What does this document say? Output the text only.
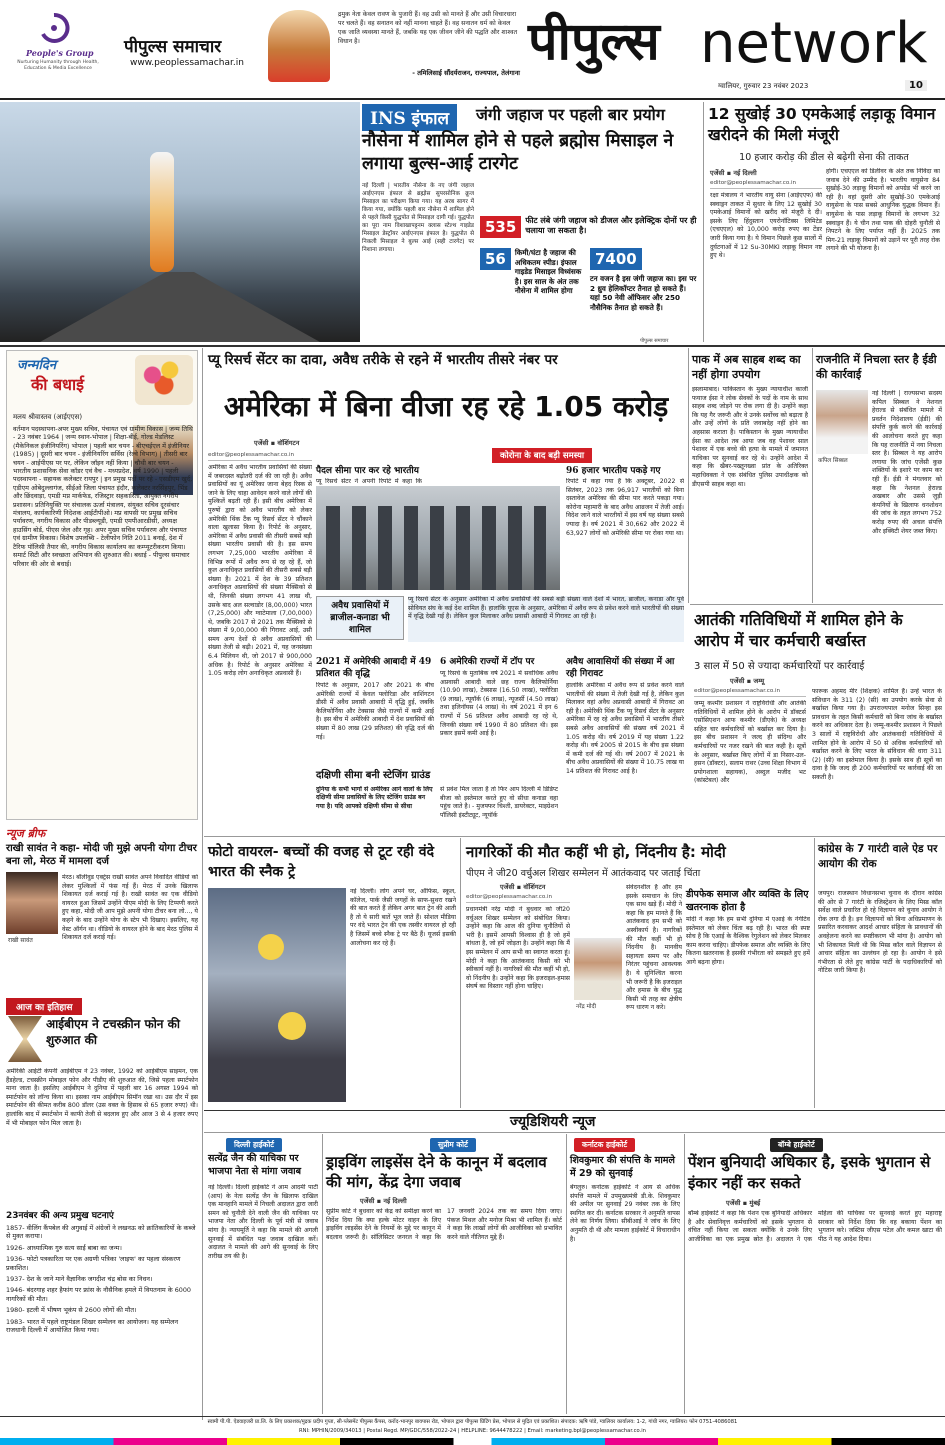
People's Group
Nurturing Humanity through Health, Education & Media Excellence
पीपुल्स समाचार
www.peoplessamachar.in
द्रमुक नेता केवल रावण के पुजारी हैं। वह उसी को मानते हैं और उसी विचारधारा पर चलते हैं। वह सनातन को नहीं मानना चाहते हैं। वह सनातन धर्म को केवल एक जाति व्यवस्था मानते हैं, जबकि यह एक जीवन जीने की पद्धति और शाश्वत विधान है।
- तमिलिसाई सौंदर्यराजन, राज्यपाल, तेलंगाना
पीपुल्स network
ग्वालियर, गुरुवार 23 नवंबर 2023	10
INS इंफाल	जंगी जहाज पर पहली बार प्रयोग
नौसेना में शामिल होने से पहले ब्रह्मोस मिसाइल ने लगाया बुल्स-आई टारगेट
नई दिल्ली | भारतीय नौसेना के नए जंगी जहाज आईएनएस इंफाल से ब्रह्मोस सुपरसोनिक क्रूज मिसाइल का परीक्षण किया गया। यह अरब सागर में किया गया, क्योंकि पहली बार नौसेना में शामिल होने से पहले किसी युद्धपोत से मिसाइल दागी गई। युद्धपोत का पूरा नाम विशाखापट्टनम क्लास स्टेल्थ गाइडेड मिसाइल डेस्ट्रॉयर आईएनएस इंफाल है। युद्धपोत से निकली मिसाइल ने बुल्स आई (सही टारगेट) पर निशाना लगाया।
535	फीट लंबे जंगी जहाज को डीजल और इलेक्ट्रिक दोनों पर ही चलाया जा सकता है।
56	किमी/घंटा है जहाज की अधिकतम स्पीड। इंफाल गाइडेड मिसाइल विध्वंसक है। इस साल के अंत तक नौसेना में शामिल होगा
7400
टन वजन है इस जंगी जहाज का। इस पर 2 ध्रुव हेलिकॉप्टर तैनात हो सकते हैं। यहां 50 नेवी ऑफिसर और 250 नौसैनिक तैनात हो सकते हैं।
पीपुल्स समाचार
12 सुखोई 30 एमकेआई लड़ाकू विमान खरीदने की मिली मंजूरी
10 हजार करोड़ की डील से बढ़ेगी सेना की ताकत
एजेंसी ▪ नई दिल्ली
editor@peoplessamachar.co.in
रक्षा मंत्रालय ने भारतीय वायु सेना (आईएएफ) की स्क्वाड्रन ताकत में सुधार के लिए 12 सुखोई 30 एमकेआई विमानों को खरीद को मंजूरी दे दी। इसके लिए हिंदुस्तान एयरोनॉटिक्स लिमिटेड (एचएएल) को 10,000 करोड़ रुपए का टेंडर जारी किया गया है। ये विमान पिछले कुछ सालों में दुर्घटनाओं में 12 Su-30MKI लड़ाकू विमान नष्ट हुए थे।
होगी। एचएएल को डिलीवर के अंत तक निविदा का जवाब देने की उम्मीद है। भारतीय वायुसेना 84 सुखोई-30 लड़ाकू विमानों को अपग्रेड भी करने जा रही है। वहां दूसरी ओर सुखोई-30 एमकेआई वायुसेना के पास सबसे आधुनिक युद्धक विमान हैं। वायुसेना के पास लड़ाकू विमानों के लगभग 32 स्क्वाड्रन हैं। ये चीन तथा पाक की दोहरी चुनौती से निपटने के लिए पर्याप्त नहीं हैं। 2025 तक मिग-21 लड़ाकू विमानों को उड़ानें पर पूरी तरह रोक लगाने की भी योजना है।
जन्मदिन
की बधाई
मलय श्रीवास्तव (आईएएस)
वर्तमान पदस्थापना-अपर मुख्य सचिव, पंचायत एवं ग्रामीण विकास | जन्म तिथि - 23 नवंबर 1964 | जन्म स्थान-भोपाल | शिक्षा-बीई, गोल्ड मेडलिस्ट (मैकेनिकल इंजीनियरिंग) भोपाल | पहली बार चयन - बीएचईएल में इंजीनियर (1985) | दूसरी बार चयन - इंजीनियरिंग सर्विस (रेल्वे विभाग) | तीसरी बार चयन - आईपीएस पर पर, लेकिन जॉइन नहीं किया | चौथी बार चयन - भारतीय प्रशासनिक सेवा कॉडर एवं वैच - मध्यप्रदेश, वर्ष 1990 | पहली पदस्थापना - सहायक कलेक्टर रायपुर | इन प्रमुख पदों पर रहे - एसडीएम खुर्द, एडीएम ओबेदुल्लागंज, सीईओ जिला पंचायत इंदौर, कलेक्टर नरसिंहपुर, भिंड और छिंदवाड़ा, एमडी मप्र मार्कफेड, रजिस्ट्रार सहकारिता, आयुक्त नगरीय प्रशासन। प्रतिनियुक्ति पर संचालक ऊर्जा मंत्रालय, संयुक्त सचिव दूरसंचार मंत्रालय, कार्यकारिणी निदेशक आईटीपीओ। मप्र वापसी पर प्रमुख सचिव पर्यावरण, नगरीय विकास और पीडब्ल्यूडी, एमडी एमपीआरडीसी, अध्यक्ष हाउसिंग बोर्ड, पीएस जेल और गृह। अपर मुख्य सचिव पर्यावरण और पंचायत एवं ग्रामीण विकास। विशेष उपलब्धि - टेलीफोन निति 2011 बनाई, देश में टैरिफ पॉलिसी तैयार की, नगरीय विकास कार्यालय का कम्प्यूटरीकरण किया। समार्ट सिटी और स्वच्छता अभियान की शुरुआत की। बधाई - पीपुल्स समाचार परिवार की ओर से बधाई।
न्यूज ब्रीफ
राखी सावंत ने कहा- मोदी जी मुझे अपनी योगा टीचर बना लो, मेरठ में मामला दर्ज
राखी सावंत
मेरठ। बॉलीवुड एक्ट्रेस राखी सावंत अपने विवादित वीडियो को लेकर मुश्किलों में फंस गई हैं। मेरठ में उनके खिलाफ शिकायत दर्ज कराई गई है। राखी सावंत का एक वीडियो वायरल हुआ जिसमें उन्होंने पीएम मोदी के लिए टिप्पणी करते हुए कहा, मोदी जी आप मुझे अपनी योगा टीचर बना लो..., ये कहने के बाद उन्होंने योगा के स्टेप भी दिखाए। इसलिए, यह वेस्ट ऑर्गन था। वीडियो के वायरल होने के बाद मेरठ पुलिस में शिकायत दर्ज कराई गई।
आज का इतिहास
आईबीएम ने टचस्क्रीन फोन की शुरुआत की
अमेरिकी आईटी कंपनी आईबीएम ने 23 नवंबर, 1992 को आईबीएम साइमन, एक हैंडहेल्ड, टचस्क्रीन मोबाइल फोन और पीडीए की शुरुआत की, जिसे पहला स्मार्टफोन माना जाता है। इसलिए आईबीएम ने दुनिया में पहली बार 16 अगस्त 1994 को स्मार्टफोन को लॉन्च किया था। इसका नाम आईबीएम सिमॉन रखा था। उस दौर में इस स्मार्टफोन की कीमत करीब 800 डॉलर (उस वक्त के हिसाब से 65 हजार रुपए) थी। हालांकि बाद में स्मार्टफोन में काफी तेजी से बदलाव हुए और आज 3 से 4 हजार रुपए में भी मोबाइल फोन मिल जाता है।
23नवंबर की अन्य प्रमुख घटनाएं
1857- वीलिंग कैंपबेल की अगुवाई में अंग्रेजों ने लखनऊ को क्रांतिकारियों के कब्जे से मुक्त कराया।
1926- आध्यात्मिक गुरु सत्य साईं बाबा का जन्म।
1936- फोटो पत्रकारिता पर एक अग्रणी पत्रिका 'लाइफ' का पहला संस्करण प्रकाशित।
1937- देश के जाने माने वैज्ञानिक जगदीश चंद्र बोस का निधन।
1946- बंदरगाह शहर हैफांग पर फ्रांस के नौसैनिक हमले में वियतनाम के 6000 नागरिकों की मौत।
1980- इटली में भीषण भूकंप से 2600 लोगों की मौत।
1983- भारत में पहले राष्ट्रमंडल शिखर सम्मेलन का आयोजन। यह सम्मेलन राजधानी दिल्ली में आयोजित किया गया।
प्यू रिसर्च सेंटर का दावा, अवैध तरीके से रहने में भारतीय तीसरे नंबर पर
अमेरिका में बिना वीजा रह रहे 1.05 करोड़
एजेंसी ▪ वॉशिंगटन
editor@peoplessamachar.co.in
अमेरिका में अवैध भारतीय प्रवासियों की संख्या में जबरदस्त बढ़ोतरी दर्ज की जा रही है। अवैध प्रवासियों का यूं अमेरिका जाना बेहद रिस्क से जाने के लिए चाहा आवेदन करने वाले लोगों की मुश्किलें बढ़ती रही हैं। इसी बीच अमेरिका में पुरुषों द्वारा को अवैध भारतीय को लेकर अमेरिकी थिंक टैंक प्यू रिसर्च सेंटर ने चौंकाने वाला खुलासा किया है। रिपोर्ट के अनुसार, अमेरिका में अवैध प्रवासी की तीसरी सबसे बड़ी संख्या भारतीय प्रवासी की है। इस समय लगभग 7,25,000 भारतीय अमेरिका में विभिन्न रूपों में अवैध रूप से रह रहे हैं, जो कुल अनाधिकृत प्रवासियों की तीसरी सबसे बड़ी संख्या है। 2021 में देश के 39 प्रतिशत अनाधिकृत अप्रवासियों की संख्या मैक्सिको से थी, जिनकी संख्या लगभग 41 लाख थी, उसके बाद अल सल्वाडोर (8,00,000) भारत (7,25,000) और ग्वाटेमाला (7,00,000) थे, जबकि 2017 से 2021 तक मैक्सिको से संख्या में 9,00,000 की गिरावट आई, उसी समय अन्य देशों से अवैध अप्रवासियों की संख्या तेजी से बढ़ी। 2021 में, यह जनसंख्या 6.4 मिलियन थी, जो 2017 से 900,000 अधिक है। रिपोर्ट के अनुसार अमेरिका में 1.05 करोड़ लोग अनाधिकृत अप्रवासी हैं।
कोरोना के बाद बड़ी समस्या
पैदल सीमा पार कर रहे भारतीय
प्यू रिसर्च सेंटर ने अपनी रिपोर्ट में कहा कि
96 हजार भारतीय पकड़े गए
रिपोर्ट में कहा गया है कि अक्टूबर, 2022 से सितंबर, 2023 तक 96,917 भारतीयों को बिना दस्तावेज अमेरिका की सीमा पार करते पकड़ा गया। कोरोना महामारी के बाद अवैध आव्रजन में तेजी आई। विदेश जाने वाले भारतीयों में इस वर्ष यह संख्या सबसे ज्यादा है। वर्ष 2021 में 30,662 और 2022 में 63,927 लोगों को अमेरिकी सीमा पर रोका गया था।
अवैध प्रवासियों में ब्राजील-कनाडा भी शामिल
प्यू रिसर्च सेंटर के अनुसार अमेरिका में अवैध प्रवासियों की सबसे बड़ी संख्या वाले देशों में भारत, ब्राजील, कनाडा और पूर्व सोवियत संघ के कई देश शामिल हैं। हालांकि यूएस के अनुसार, अमेरिका में अवैध रूप से प्रवेश करने वाले भारतीयों की संख्या में वृद्धि देखी गई है। लेकिन कुल मिलाकर अवैध प्रवासी आबादी में गिरावट आ रही है।
2021 में अमेरिकी आबादी में 49 प्रतिशत की वृद्धि
रिपोर्ट के अनुसार, 2017 और 2021 के बीच अमेरिकी राज्यों में केवल फ्लोरिडा और वाशिंगटन डीसी में अवैध प्रवासी आबादी में वृद्धि हुई, जबकि कैलिफोर्निया और टेक्सास जैसे राज्यों में कमी आई है। इस बीच में अमेरिकी आबादी में देश प्रवासियों की संख्या में 80 लाख (29 प्रतिशत) की वृद्धि दर्ज की गई।
6 अमेरिकी राज्यों में टॉप पर
प्यू रिसर्च के मुताबिक वर्ष 2021 में सर्वाधिक अवैध अप्रवासी आबादी वाले छह राज्य कैलिफोर्निया (10.90 लाख), टेक्सास (16.50 लाख), फ्लोरिडा (9 लाख), न्यूयॉर्क (6 लाख), न्यूजर्सी (4.50 लाख) तथा इलिनॉयस (4 लाख) थे। वर्ष 2021 में इन 6 राज्यों में 56 प्रतिशत अवैध आबादी रह रहे थे, जिनकी संख्या वर्ष 1990 में 80 प्रतिशत थी। इस प्रकार इसमें कमी आई है।
अवैध आवासियों की संख्या में आ रही गिरावट
हालांकि अमेरिका में अवैध रूप से प्रवेश करने वाले भारतीयों की संख्या में तेजी देखी गई है, लेकिन कुल मिलाकर वहां अवैध अप्रवासी आबादी में गिरावट आ रही है। अमेरिकी थिंक टैंक प्यू रिसर्च सेंटर के अनुसार अमेरिका में रह रहे अवैध प्रवासियों में भारतीय तीसरे सबसे अवैध आवासियों की संख्या वर्ष 2021 में 1.05 करोड़ थी। वर्ष 2019 में यह संख्या 1.22 करोड़ थी। वर्ष 2005 से 2015 के बीच इस संख्या में कमी दर्ज की गई थी। वर्ष 2007 में 2021 के बीच अवैध अप्रवासियों की संख्या में 10.75 लाख या 14 प्रतिशत की गिरावट आई है।
दक्षिणी सीमा बनी स्टेजिंग ग्राउंड
दुनिया के सभी भागों से अमेरिका आने वालों के लिए दक्षिणी सीमा प्रवासियों के लिए स्टेजिंग ग्राउंड बन गया है। यदि आपको दक्षिणी सीमा से सीधा
से प्रवेश मिल जाता है तो फिर आप दिल्ली में डिडिप्ट बीजा को इस्तेमाल करते हुए वो सीधा कनाडा वहा पहुंच जाते है। - मुजफ्फर चिश्ती, डायरेक्टर, माइग्रेशन पॉलिसी इंस्टीट्यूट, न्यूयॉर्क
पाक में अब साहब शब्द का नहीं होगा उपयोग
इस्लामाबाद। पाकिस्तान के मुख्य न्यायाधीश काजी फयाज ईसा ने लोक सेवकों के पदों के नाम के साथ साहब शब्द जोड़ने पर रोक लगा दी है। उन्होंने कहा कि यह गैर जरूरी और वे उनके सर्वोच्च को बढ़ाता है और उन्हें लोगों के प्रति जवाबदेह नहीं होने का अहसास कराता है। पाकिस्तान के मुख्य न्यायाधीश ईसा का आदेश तब आया जब वह पेशावर साल पेशावर में एक बच्चे की हत्या के मामले में जमानत याचिका पर सुनवाई कर रहे थे। उन्होंने आदेश में कहा कि खैबर-पख्तूनख्वा प्रांत के अतिरिक्त महाधिवक्ता ने एक संबंधित पुलिस उपाधीक्षक को डीएसपी साहब कहा था।
राजनीति में निचला स्तर है ईडी की कार्रवाई
कपिल सिब्बल
नई दिल्ली | राज्यसभा सदस्य कपिल सिब्बल ने नेशनल हेराल्ड से संबंधित मामले में प्रवर्तन निदेशालय (ईडी) की संपत्ति कुर्क करने की कार्रवाई की आलोचना करते हुए कहा कि यह राजनीति में नया निचला स्तर है। सिब्बल ने यह आरोप लगाया कि जांच एजेंसी कुछ शक्तियों के इशारे पर काम कर रही हैं। ईडी ने मंगलवार को कहा कि नेशनल हेराल्ड अखबार और उससे जुड़ी कंपनियों के खिलाफ धनशोधन की जांच के तहत लगभग 752 करोड़ रुपए की अचल संपत्ति और इक्विटी शेयर जब्त किए।
आतंकी गतिविधियों में शामिल होने के आरोप में चार कर्मचारी बर्खास्त
3 साल में 50 से ज्यादा कर्मचारियों पर कार्रवाई
एजेंसी ▪ जम्मू
editor@peoplessamachar.co.in
जम्मू कश्मीर प्रशासन ने राष्ट्रविरोधी और आतंकी गतिविधियों में शामिल होने के आरोप में डॉक्टर्स एसोसिएशन आफ कश्मीर (डीएके) के अध्यक्ष सहित चार कर्मचारियों को बर्खास्त कर दिया है। इस बीच प्रशासन ने जल्द ही संदिग्ध और कर्मचारियों पर नजर रखने की बात कही है। सूत्रों के अनुसार, बर्खास्त किए लोगों में डा निसार-उल-हसन (डॉक्टर), सलाम राथर (उच्च शिक्षा विभाग में प्रयोगशाला सहायक), अब्दुल मजीद भट (कांस्टेबल) और
फारूक अहमद मीर (शिक्षक) शामिल हैं। उन्हें भारत के संविधान के 311 (2) (सी) का उपयोग करके सेवा से बर्खास्त किया गया है। उपराज्यपाल मनोज सिन्हा इस प्रावधान के तहत किसी कर्मचारी को बिना जांच के बर्खास्त करने का अधिकार देता है। जम्मू-कश्मीर प्रशासन ने पिछले 3 सालों में राष्ट्रविरोधी और आतंकवादी गतिविधियों में शामिल होने के आरोप में 50 से अधिक कर्मचारियों को बर्खास्त करने के लिए भारत के संविधान की धारा 311 (2) (सी) का इस्तेमाल किया है। इसके साथ ही सूत्रों का दावा है कि जल्द ही 200 कर्मचारियों पर कार्रवाई की जा सकती है।
फोटो वायरल- बच्चों की वजह से टूट रही वंदे भारत की स्नैक ट्रे
नई दिल्ली। लोग अपने घर, ऑफिस, स्कूल, कॉलेज, पार्क जैसी जगहों के साफ-सुथरा रखने की बात करते हैं लेकिन अगर बात ट्रेन की आती है तो ये सारी बातें भूल जाते हैं। सोशल मीडिया पर वंदे भारत ट्रेन की एक तस्वीर वायरल हो रही है जिसमें बच्चे स्नैक ट्रे पर बैठे हैं। यूजर्स इसकी आलोचना कर रहे हैं।
नागरिकों की मौत कहीं भी हो, निंदनीय है: मोदी
पीएम ने जी20 वर्चुअल शिखर सम्मेलन में आतंकवाद पर जताई चिंता
एजेंसी ▪ वॉशिंगटन
editor@peoplessamachar.co.in
प्रधानमंत्री नरेंद्र मोदी ने बुधवार को जी20 वर्चुअल शिखर सम्मेलन को संबोधित किया। उन्होंने कहा कि आज की दुनिया चुनौतियों से भरी है। इसमें आपसी विश्वास ही है जो हमें बांधता है, जो हमें जोड़ता है। उन्होंने कहा कि मैं इस सम्मेलन में आप सभी का स्वागत करता हूं। मोदी ने कहा कि आतंकवाद किसी को भी स्वीकार्य नहीं है। नागरिकों की मौत कहीं भी हो, वो निंदनीय है। उन्होंने कहा कि इजराइल-हमास संघर्ष का विस्तार नहीं होना चाहिए।
नरेंद्र मोदी
संवेदनशील है और हम इसके समाधान के लिए एक साथ खड़े हैं। मोदी ने कहा कि हम मानते हैं कि आतंकवाद हम सभी को अस्वीकार्य है। नागरिकों की मौत कहीं भी हो निंदनीय है। मानवीय सहायता समय पर और निरंतर पहुंचना आवश्यक है। ये सुनिश्चित करना भी जरूरी है कि इजराइल और हमास के बीच युद्ध किसी भी तरह का क्षेत्रीय रूप धारण न करे।
डीपफेक समाज और व्यक्ति के लिए खतरनाक होता है
मोदी ने कहा कि हम सभी दुनिया में एआई के नेगेटिव इस्तेमाल को लेकर चिंता बढ़ रही है। भारत की स्पष्ट सोच है कि एआई के वैश्विक रेगुलेशन को लेकर मिलकर काम करना चाहिए। डीपफेक समाज और व्यक्ति के लिए कितना खतरनाक है इसकी गंभीरता को समझते हुए हमें आगे बढ़ना होगा।
कांग्रेस के 7 गारंटी वाले ऐड पर आयोग की रोक
जयपुर। राजस्थान विधानसभा चुनाव के दौरान कांग्रेस की ओर से 7 गारंटी के रजिस्ट्रेशन के लिए मिस्ड कॉल सर्वेक्ष वाले प्रचारित हो रहे विज्ञापन को चुनाव आयोग ने रोक लगा दी है। इन विज्ञापनों को बिना अधिप्रमाणन के प्रसारित करवाकर आदर्श आचार संहिता के प्रावधानों की अवहेलना करने का स्पष्टीकरण भी मांगा है। आयोग को भी शिकायत मिली थी कि मिस्ड कॉल वाले विज्ञापन से आचार संहिता का उल्लंघन हो रहा है। आयोग ने इसे गंभीरता से लेते हुए कांग्रेस पार्टी के पदाधिकारियों को नोटिस जारी किया है।
ज्यूडिशियरी न्यूज
दिल्ली हाईकोर्ट
सत्येंद्र जैन की याचिका पर भाजपा नेता से मांगा जवाब
नई दिल्ली। दिल्ली हाईकोर्ट ने आम आदमी पार्टी (आप) के नेता सत्येंद्र जैन के खिलाफ दाखिल एक मानहानि मामले में निचली अदालत द्वारा जारी समन को चुनौती देने वाली जैन की याचिका पर भाजपा नेता और दिल्ली के पूर्व मंत्री से जवाब मांगा है। न्यायमूर्ति ने कहा कि मामले की अगली सुनवाई में संबंधित पक्ष जवाब दाखिल करें। अदालत ने मामले की आगे की सुनवाई के लिए तारीख तय की है।
सुप्रीम कोर्ट
ड्राइविंग लाइसेंस देने के कानून में बदलाव की मांग, केंद्र देगा जवाब
एजेंसी ▪ नई दिल्ली
सुप्रीम कोर्ट ने बुधवार को केंद्र को समीक्षा करने का निर्देश दिया कि क्या हल्के मोटर वाहन के लिए ड्राइविंग लाइसेंस देने के नियमों के मुद्दे पर कानून में बदलाव जरूरी है। सॉलिसिटर जनरल ने कहा कि 17 जनवरी 2024 तक का समय दिया जाए। पंकज मिथल और मनोज मिश्रा भी शामिल हैं। कोर्ट ने कहा कि लाखों लोगों की आजीविका को प्रभावित करने वाले नीतिगत मुद्दे हैं।
कर्नाटक हाईकोर्ट
शिवकुमार की संपत्ति के मामले में 29 को सुनवाई
बेंगलुरु। कर्नाटक हाईकोर्ट ने आय से अधिक संपत्ति मामले में उपमुख्यमंत्री डी.के. शिवकुमार की अपील पर सुनवाई 29 नवंबर तक के लिए स्थगित कर दी। कर्नाटक सरकार ने अनुमति वापस लेने का निर्णय लिया। सीबीआई ने जांच के लिए अनुमति दी थी और मामला हाईकोर्ट में विचाराधीन है।
बॉम्बे हाईकोर्ट
पेंशन बुनियादी अधिकार है, इसके भुगतान से इंकार नहीं कर सकते
एजेंसी ▪ मुंबई
बॉम्बे हाईकोर्ट ने कहा कि पेंशन एक बुनियादी अधिकार है और सेवानिवृत्त कर्मचारियों को इसके भुगतान से वंचित नहीं किया जा सकता क्योंकि वे उनके लिए आजीविका का एक प्रमुख स्रोत है। अदालत ने एक महिला की याचिका पर सुनवाई करते हुए महाराष्ट्र सरकार को निर्देश दिया कि वह बकाया पेंशन का भुगतान करे। जस्टिस जीएस पटेल और कमल खाटा की पीठ ने यह आदेश दिया।
स्वामी पी.पी. ऐडवाइजरी प्रा.लि. के लिए प्रकाशक/मुद्रक प्रदीप गुप्ता, सी-प्लेसमेंट पीपुल्स कैंपस, करोंद-भानपुर बायपास रोड, भोपाल द्वारा पीपुल्स प्रिंटिंग प्रेस, भोपाल से मुद्रित एवं प्रकाशित। संपादक: ऋषि पांडे, ग्वालियर कार्यालय: 1-2, गांधी नगर, ग्वालियर। फोन 0751-4086081
RNI: MPHIN/2009/34013 | Postal Regd. MP/GDC/558/2022-24 | HELPLINE: 9644478222 | Email: marketing.bpl@peoplessamachar.co.in
